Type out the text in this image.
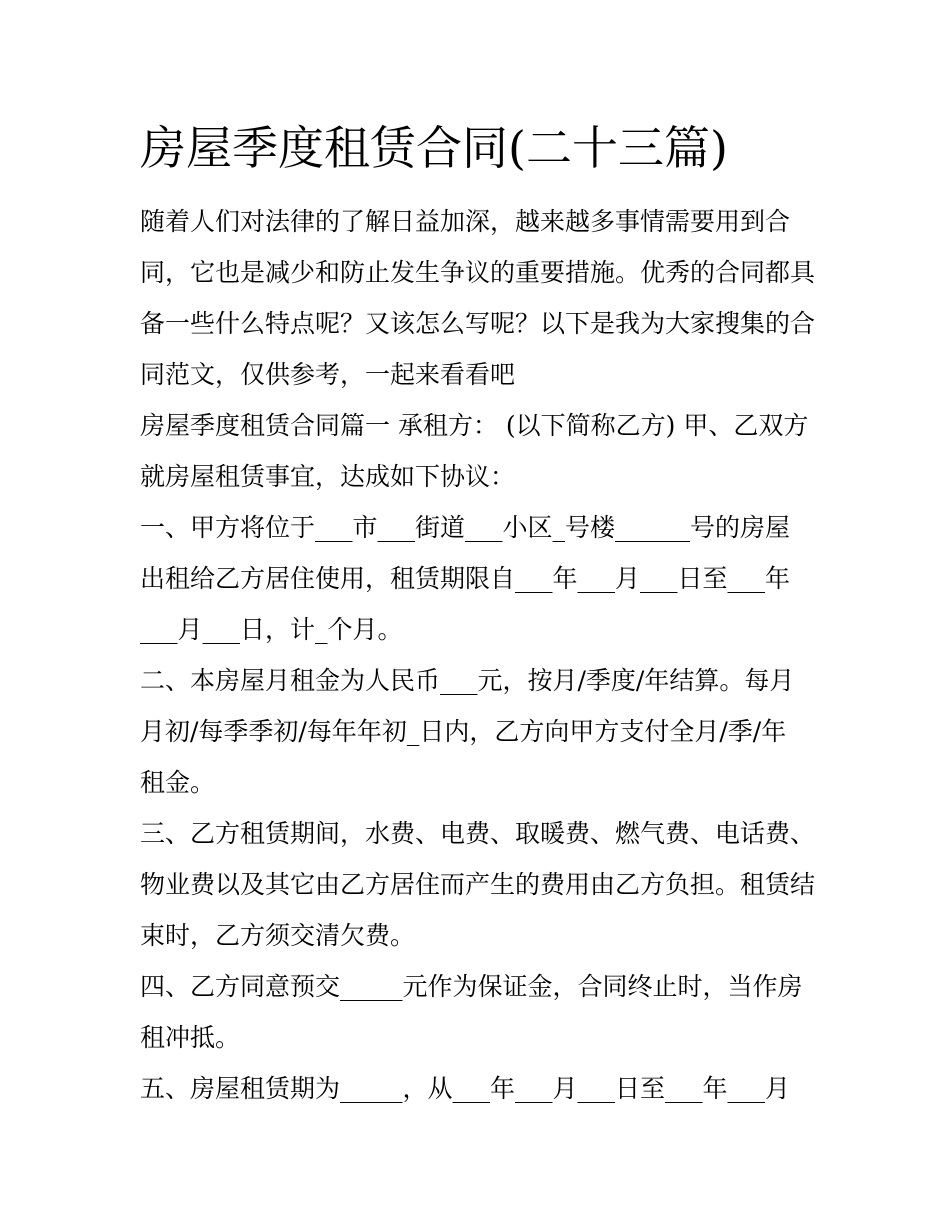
房屋季度租赁合同(二十三篇)

随着人们对法律的了解日益加深，越来越多事情需要用到合
同，它也是减少和防止发生争议的重要措施。优秀的合同都具
备一些什么特点呢？又该怎么写呢？以下是我为大家搜集的合
同范文，仅供参考，一起来看看吧

房屋季度租赁合同篇一 承租方： (以下简称乙方) 甲、乙双方
就房屋租赁事宜，达成如下协议：

一、甲方将位于___市___街道___小区_号楼______号的房屋
出租给乙方居住使用，租赁期限自___年___月___日至___年
___月___日，计_个月。

二、本房屋月租金为人民币___元，按月/季度/年结算。每月
月初/每季季初/每年年初_日内，乙方向甲方支付全月/季/年
租金。

三、乙方租赁期间，水费、电费、取暖费、燃气费、电话费、
物业费以及其它由乙方居住而产生的费用由乙方负担。租赁结
束时，乙方须交清欠费。

四、乙方同意预交_____元作为保证金，合同终止时，当作房
租冲抵。

五、房屋租赁期为_____，从___年___月___日至___年___月
